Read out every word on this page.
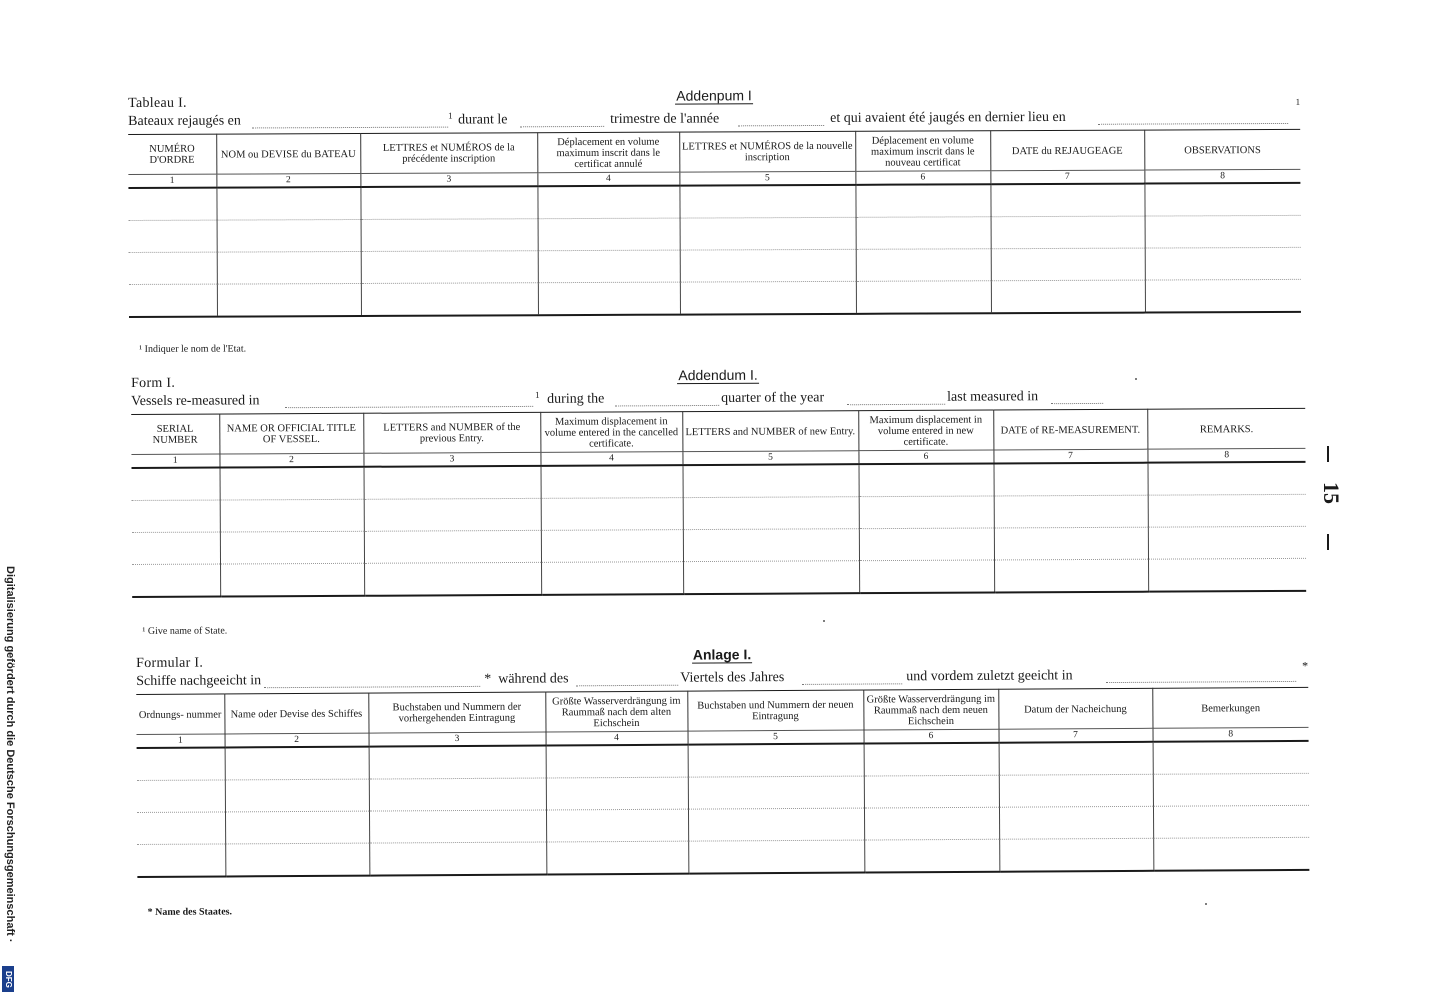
Addenpum I
Tableau I.
Bateaux rejaugés en	1 durant le	trimestre de l'année	et qui avaient été jaugés en dernier lieu en
1
NUMÉRO D'ORDRE	NOM ou DEVISE du BATEAU	LETTRES et NUMÉROS de la précédente inscription	Déplacement en volume maximum inscrit dans le certificat annulé	LETTRES et NUMÉROS de la nouvelle inscription	Déplacement en volume maximum inscrit dans le nouveau certificat	DATE du REJAUGEAGE	OBSERVATIONS
1	2	3	4	5	6	7	8

¹ Indiquer le nom de l'Etat.
Addendum I.
Form I.
Vessels re-measured in	1 during the	quarter of the year	last measured in
SERIAL NUMBER	NAME OR OFFICIAL TITLE OF VESSEL.	LETTERS and NUMBER of the previous Entry.	Maximum displacement in volume entered in the cancelled certificate.	LETTERS and NUMBER of new Entry.	Maximum displacement in volume entered in new certificate.	DATE of RE-MEASUREMENT.	REMARKS.
1	2	3	4	5	6	7	8

¹ Give name of State.
Anlage I.
Formular I.
Schiffe nachgeeicht in	* während des	Viertels des Jahres	und vordem zuletzt geeicht in
*
Ordnungs- nummer	Name oder Devise des Schiffes	Buchstaben und Nummern der vorhergehenden Eintragung	Größte Wasserverdrängung im Raummaß nach dem alten Eichschein	Buchstaben und Nummern der neuen Eintragung	Größte Wasserverdrängung im Raummaß nach dem neuen Eichschein	Datum der Nacheichung	Bemerkungen
1	2	3	4	5	6	7	8

* Name des Staates.
15
Digitalisierung gefördert durch die Deutsche Forschungsgemeinschaft ·
DFG
